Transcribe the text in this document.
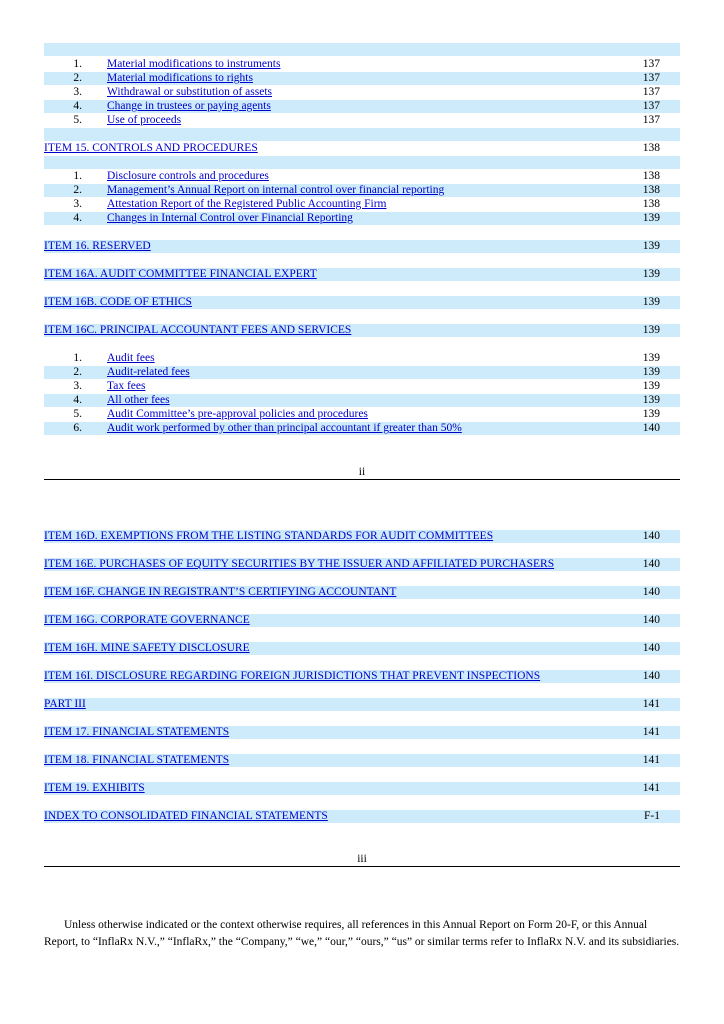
1. Material modifications to instruments	137
2. Material modifications to rights	137
3. Withdrawal or substitution of assets	137
4. Change in trustees or paying agents	137
5. Use of proceeds	137
ITEM 15. CONTROLS AND PROCEDURES	138
1. Disclosure controls and procedures	138
2. Management’s Annual Report on internal control over financial reporting	138
3. Attestation Report of the Registered Public Accounting Firm	138
4. Changes in Internal Control over Financial Reporting	139
ITEM 16. RESERVED	139
ITEM 16A. AUDIT COMMITTEE FINANCIAL EXPERT	139
ITEM 16B. CODE OF ETHICS	139
ITEM 16C. PRINCIPAL ACCOUNTANT FEES AND SERVICES	139
1. Audit fees	139
2. Audit-related fees	139
3. Tax fees	139
4. All other fees	139
5. Audit Committee’s pre-approval policies and procedures	139
6. Audit work performed by other than principal accountant if greater than 50%	140
ii
ITEM 16D. EXEMPTIONS FROM THE LISTING STANDARDS FOR AUDIT COMMITTEES	140
ITEM 16E. PURCHASES OF EQUITY SECURITIES BY THE ISSUER AND AFFILIATED PURCHASERS	140
ITEM 16F. CHANGE IN REGISTRANT’S CERTIFYING ACCOUNTANT	140
ITEM 16G. CORPORATE GOVERNANCE	140
ITEM 16H. MINE SAFETY DISCLOSURE	140
ITEM 16I. DISCLOSURE REGARDING FOREIGN JURISDICTIONS THAT PREVENT INSPECTIONS	140
PART III	141
ITEM 17. FINANCIAL STATEMENTS	141
ITEM 18. FINANCIAL STATEMENTS	141
ITEM 19. EXHIBITS	141
INDEX TO CONSOLIDATED FINANCIAL STATEMENTS	F-1
iii
Unless otherwise indicated or the context otherwise requires, all references in this Annual Report on Form 20-F, or this Annual Report, to “InflaRx N.V.,” “InflaRx,” the “Company,” “we,” “our,” “ours,” “us” or similar terms refer to InflaRx N.V. and its subsidiaries.
